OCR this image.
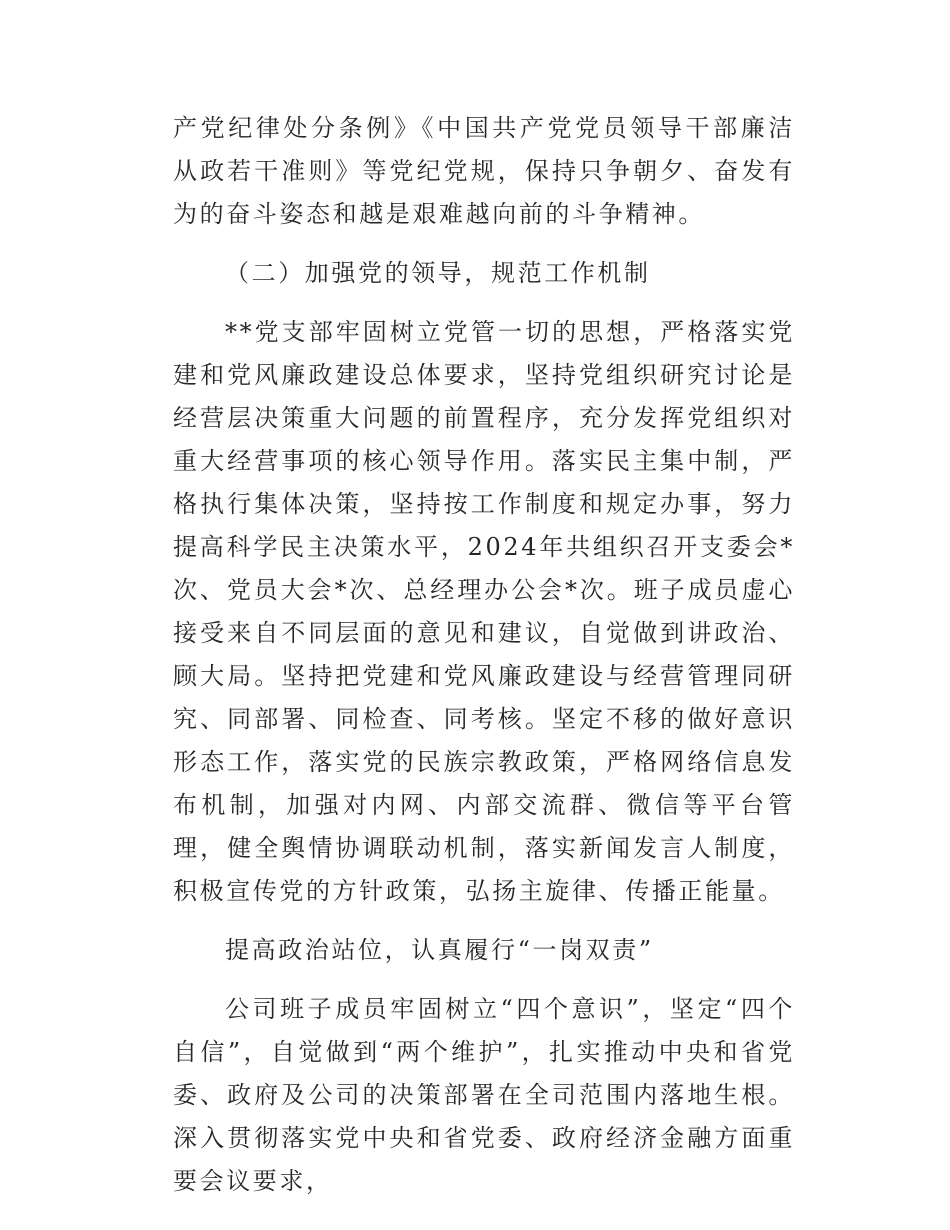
产党纪律处分条例》《中国共产党党员领导干部廉洁从政若干准则》等党纪党规，保持只争朝夕、奋发有为的奋斗姿态和越是艰难越向前的斗争精神。

（二）加强党的领导，规范工作机制

**党支部牢固树立党管一切的思想，严格落实党建和党风廉政建设总体要求，坚持党组织研究讨论是经营层决策重大问题的前置程序，充分发挥党组织对重大经营事项的核心领导作用。落实民主集中制，严格执行集体决策，坚持按工作制度和规定办事，努力提高科学民主决策水平，2024年共组织召开支委会*次、党员大会*次、总经理办公会*次。班子成员虚心接受来自不同层面的意见和建议，自觉做到讲政治、顾大局。坚持把党建和党风廉政建设与经营管理同研究、同部署、同检查、同考核。坚定不移的做好意识形态工作，落实党的民族宗教政策，严格网络信息发布机制，加强对内网、内部交流群、微信等平台管理，健全舆情协调联动机制，落实新闻发言人制度，积极宣传党的方针政策，弘扬主旋律、传播正能量。

提高政治站位，认真履行“一岗双责”

公司班子成员牢固树立“四个意识”，坚定“四个自信”，自觉做到“两个维护”，扎实推动中央和省党委、政府及公司的决策部署在全司范围内落地生根。深入贯彻落实党中央和省党委、政府经济金融方面重要会议要求，
